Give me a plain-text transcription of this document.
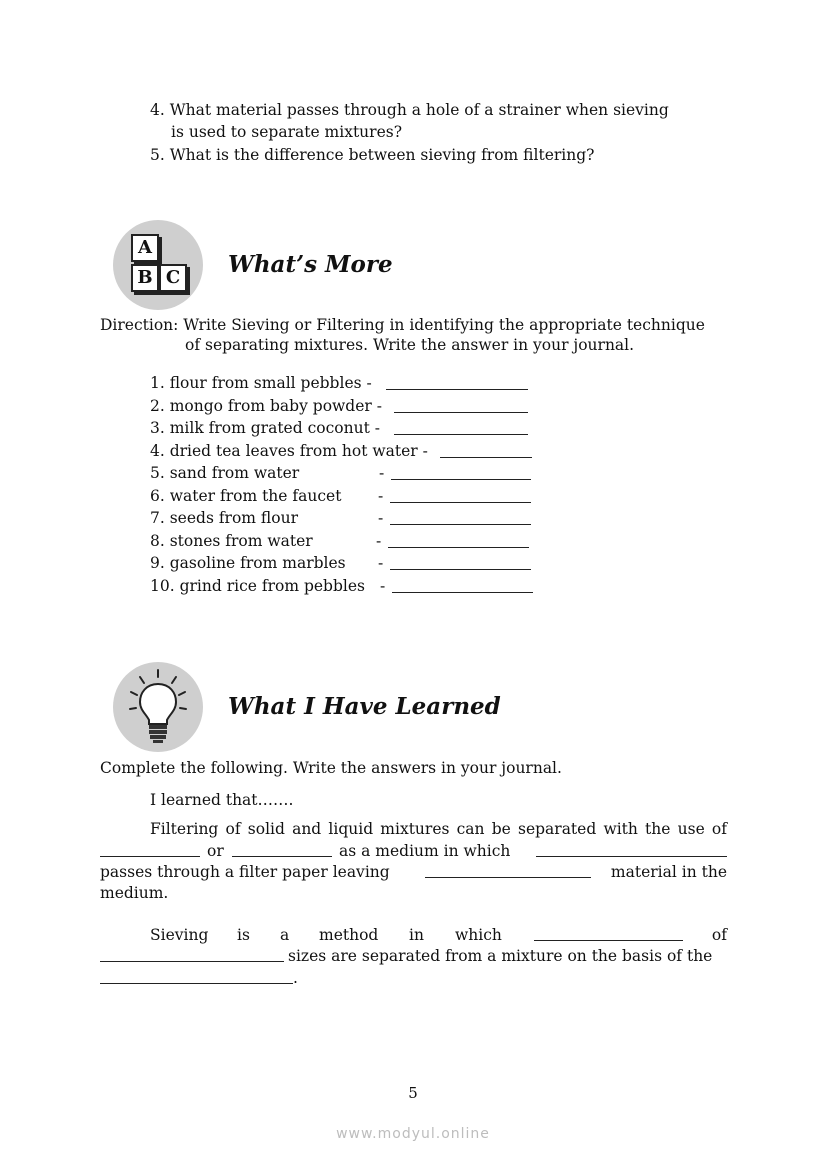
4. What material passes through a hole of a strainer when sieving
is used to separate mixtures?
5. What is the difference between sieving from filtering?
A
B C What’s More
Direction: Write Sieving or Filtering in identifying the appropriate technique
of separating mixtures. Write the answer in your journal.
1. flour from small pebbles -
2. mongo from baby powder -
3. milk from grated coconut -
4. dried tea leaves from hot water -
5. sand from water	-
6. water from the faucet -
7. seeds from flour	-
8. stones from water	-
9. gasoline from marbles -
10. grind rice from pebbles -
What I Have Learned
Complete the following. Write the answers in your journal.
I learned that…….
Filtering of solid and liquid mixtures can be separated with the use of
or	as a medium in which
passes through a filter paper leaving	material in the
medium.
Sieving is a method in which	of
sizes are separated from a mixture on the basis of the
.
5
www.modyul.online
